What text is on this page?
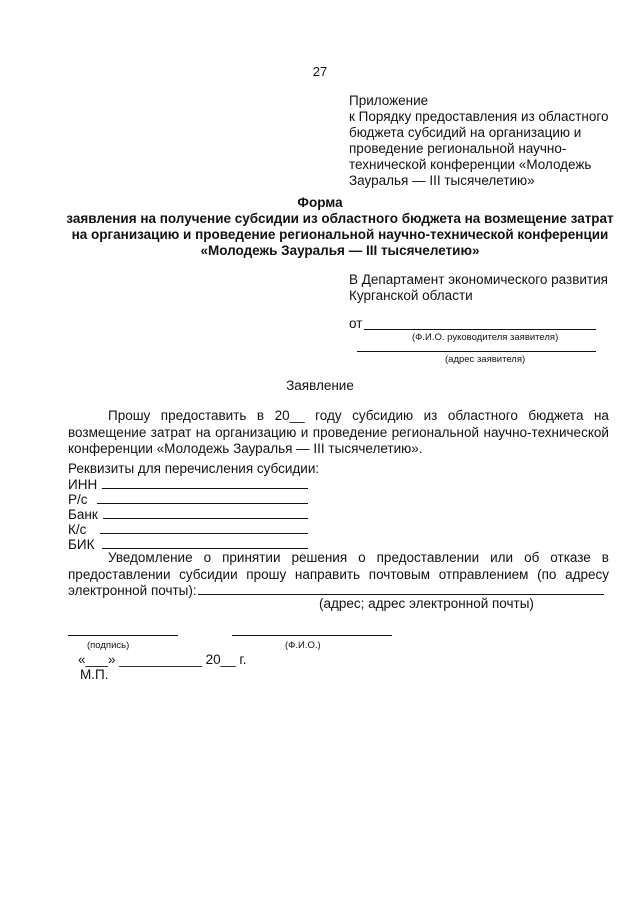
27
Приложение
к Порядку предоставления из областного
бюджета субсидий на организацию и
проведение региональной научно-
технической конференции «Молодежь
Зауралья — III тысячелетию»
Форма
заявления на получение субсидии из областного бюджета на возмещение затрат
на организацию и проведение региональной научно-технической конференции
«Молодежь Зауралья — III тысячелетию»
В Департамент экономического развития
Курганской области
от
(Ф.И.О. руководителя заявителя)
(адрес заявителя)
Заявление
Прошу предоставить в 20__ году субсидию из областного бюджета на
возмещение затрат на организацию и проведение региональной научно-технической
конференции «Молодежь Зауралья — III тысячелетию».
Реквизиты для перечисления субсидии:
ИНН
Р/с
Банк
К/с
БИК
Уведомление о принятии решения о предоставлении или об отказе в
предоставлении субсидии прошу направить почтовым отправлением (по адресу
электронной почты):
(адрес; адрес электронной почты)
(подпись)	(Ф.И.О.)
«___» ___________ 20__ г.
М.П.
